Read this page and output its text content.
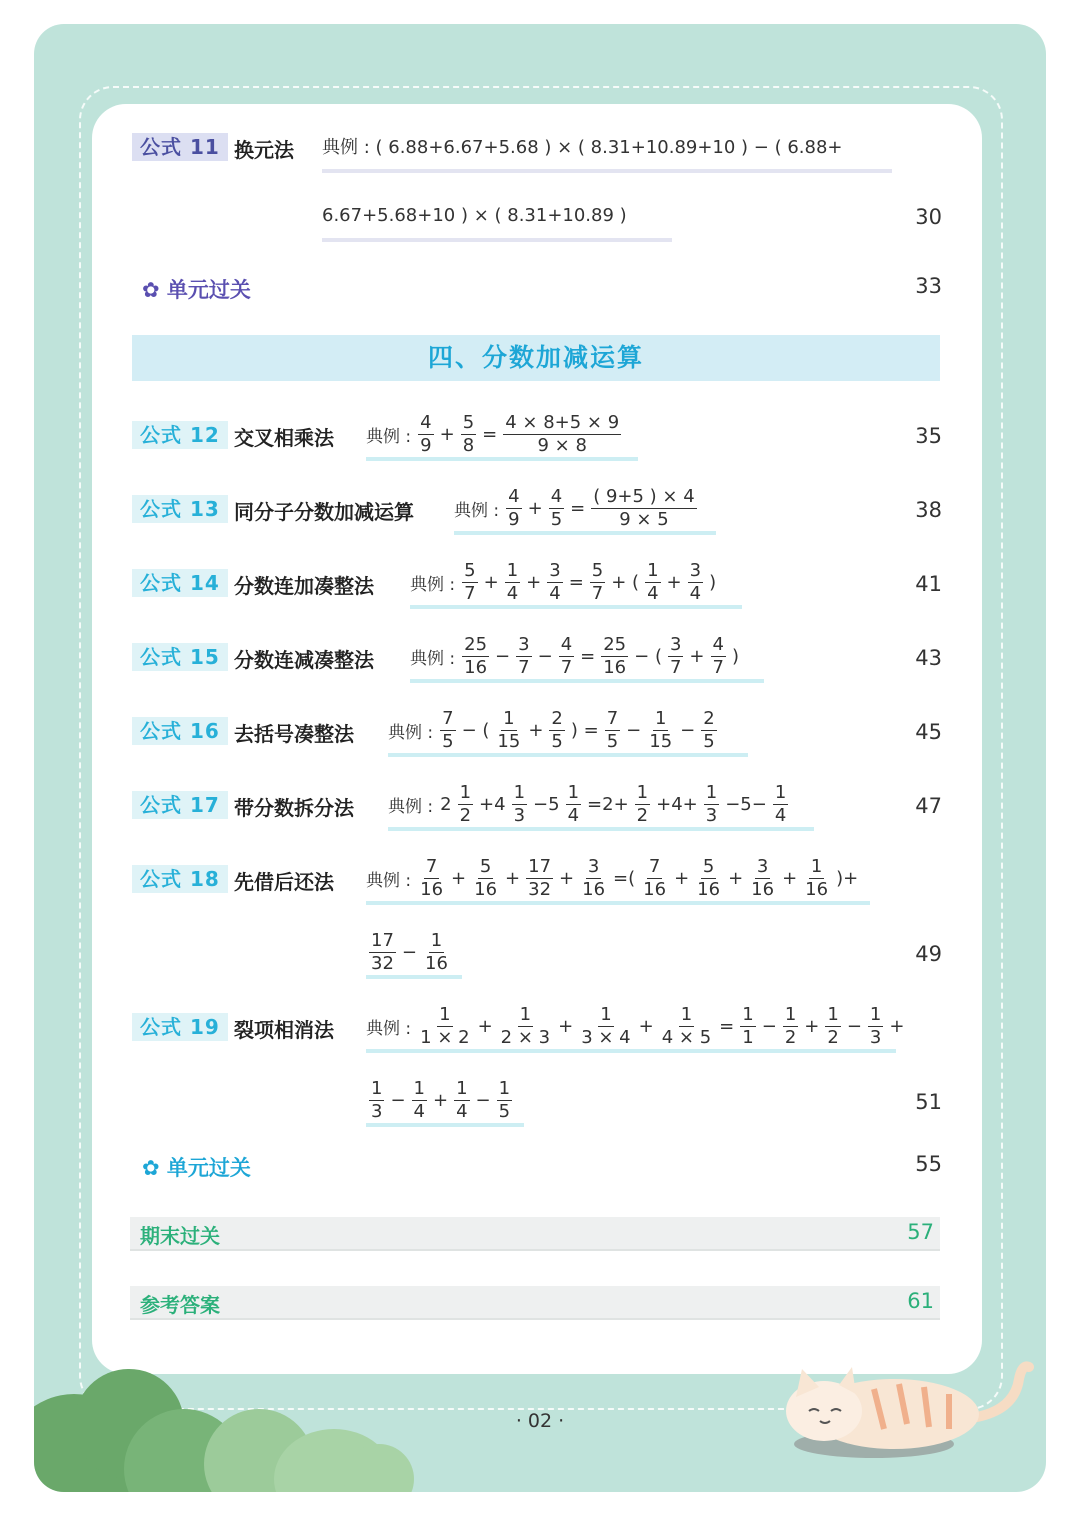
公式 11 换元法 典例 : ( 6.88+6.67+5.68 ) × ( 8.31+10.89+10 ) − ( 6.88+
6.67+5.68+10 ) × ( 8.31+10.89 )	30
✿ 单元过关	33
四、分数加减运算
公式 12 交叉相乘法 典例 : $\frac{4}{9} + \frac{5}{8} = \frac{4 \times 8+5 \times 9}{9 \times 8}$	35
公式 13 同分子分数加减运算 典例 : $\frac{4}{9} + \frac{4}{5} = \frac{( 9+5 ) \times 4}{9 \times 5}$	38
公式 14 分数连加凑整法 典例 : $\frac{5}{7} + \frac{1}{4} + \frac{3}{4} = \frac{5}{7}$ + ( $\frac{1}{4} + \frac{3}{4}$ )	41
公式 15 分数连减凑整法 典例 : $\frac{25}{16} - \frac{3}{7} - \frac{4}{7} = \frac{25}{16}$ − ( $\frac{3}{7} + \frac{4}{7}$ )	43
公式 16 去括号凑整法 典例 : $\frac{7}{5}$ − ( $\frac{1}{15} + \frac{2}{5}$ ) = $\frac{7}{5} - \frac{1}{15} - \frac{2}{5}$	45
公式 17 带分数拆分法 典例 : $2 \frac{1}{2} +4 \frac{1}{3} -5 \frac{1}{4} =2+ \frac{1}{2} +4+ \frac{1}{3} -5- \frac{1}{4}$	47
公式 18 先借后还法 典例 : $\frac{7}{16} + \frac{5}{16} + \frac{17}{32} + \frac{3}{16}$ =( $\frac{7}{16} + \frac{5}{16} + \frac{3}{16} + \frac{1}{16}$ )+
$\frac{17}{32} - \frac{1}{16}$	49
公式 19 裂项相消法 典例 : $\frac{1}{1 \times 2} + \frac{1}{2 \times 3} + \frac{1}{3 \times 4} + \frac{1}{4 \times 5} = \frac{1}{1} - \frac{1}{2} + \frac{1}{2} - \frac{1}{3}$ +
$\frac{1}{3} - \frac{1}{4} + \frac{1}{4} - \frac{1}{5}$	51
✿ 单元过关	55
期末过关	57
参考答案	61
· 02 ·
